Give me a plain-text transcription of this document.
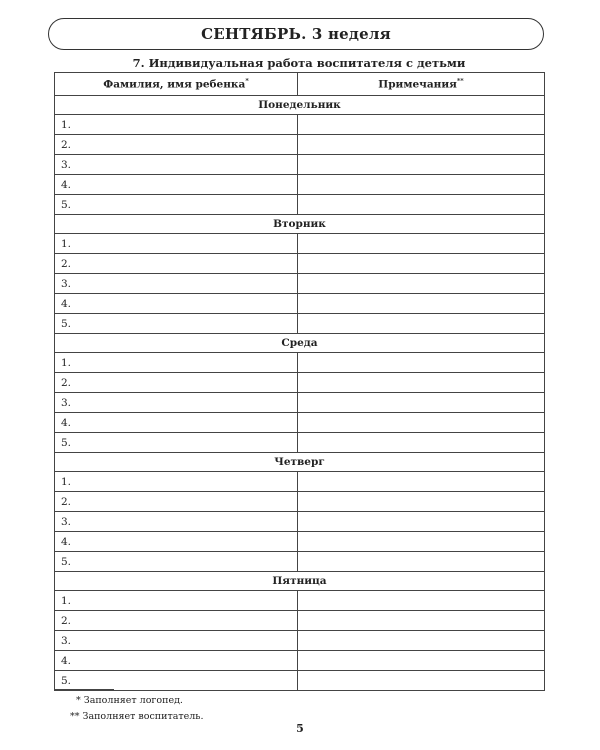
СЕНТЯБРЬ. 3 неделя
7. Индивидуальная работа воспитателя с детьми
Фамилия, имя ребенка*	Примечания**
Понедельник	
1.	
2.	
3.	
4.	
5.	
Вторник	
1.	
2.	
3.	
4.	
5.	
Среда	
1.	
2.	
3.	
4.	
5.	
Четверг	
1.	
2.	
3.	
4.	
5.	
Пятница	
1.	
2.	
3.	
4.	
5.	
* Заполняет логопед.
** Заполняет воспитатель.
5
